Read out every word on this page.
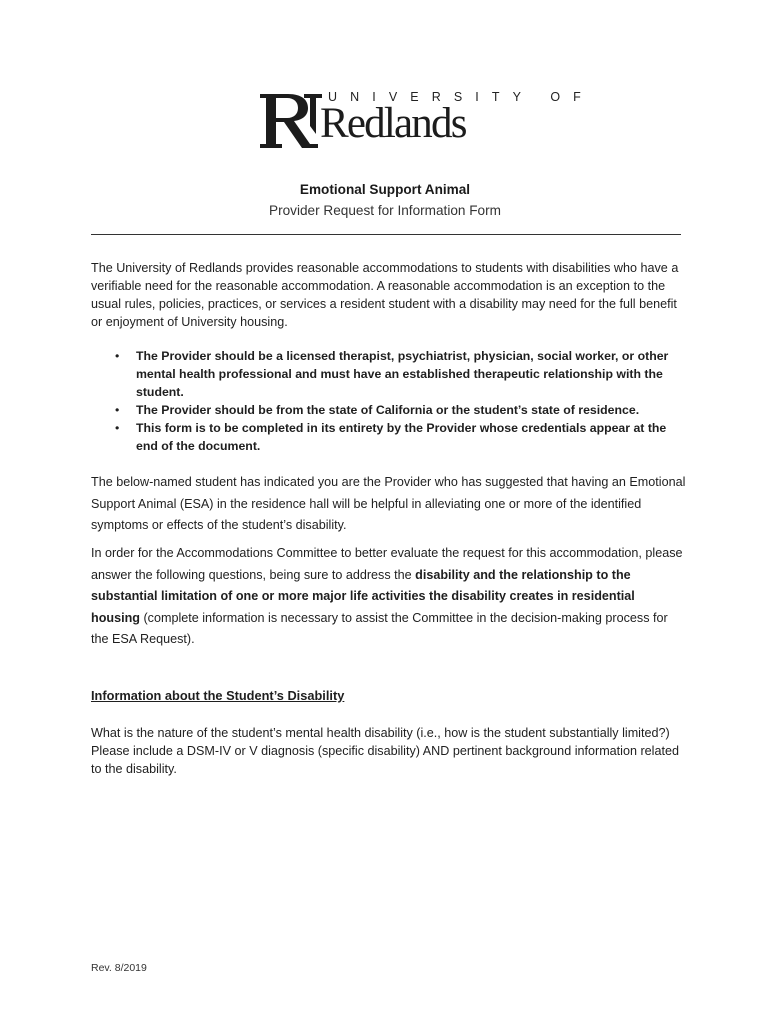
UNIVERSITY OF
Redlands
Emotional Support Animal
Provider Request for Information Form
The University of Redlands provides reasonable accommodations to students with disabilities who have a verifiable need for the reasonable accommodation. A reasonable accommodation is an exception to the usual rules, policies, practices, or services a resident student with a disability may need for the full benefit or enjoyment of University housing.
• The Provider should be a licensed therapist, psychiatrist, physician, social worker, or other mental health professional and must have an established therapeutic relationship with the student.
• The Provider should be from the state of California or the student’s state of residence.
• This form is to be completed in its entirety by the Provider whose credentials appear at the end of the document.
The below-named student has indicated you are the Provider who has suggested that having an Emotional Support Animal (ESA) in the residence hall will be helpful in alleviating one or more of the identified symptoms or effects of the student’s disability.
In order for the Accommodations Committee to better evaluate the request for this accommodation, please answer the following questions, being sure to address the disability and the relationship to the substantial limitation of one or more major life activities the disability creates in residential housing (complete information is necessary to assist the Committee in the decision-making process for the ESA Request).
Information about the Student’s Disability
What is the nature of the student’s mental health disability (i.e., how is the student substantially limited?) Please include a DSM-IV or V diagnosis (specific disability) AND pertinent background information related to the disability.
Rev. 8/2019
